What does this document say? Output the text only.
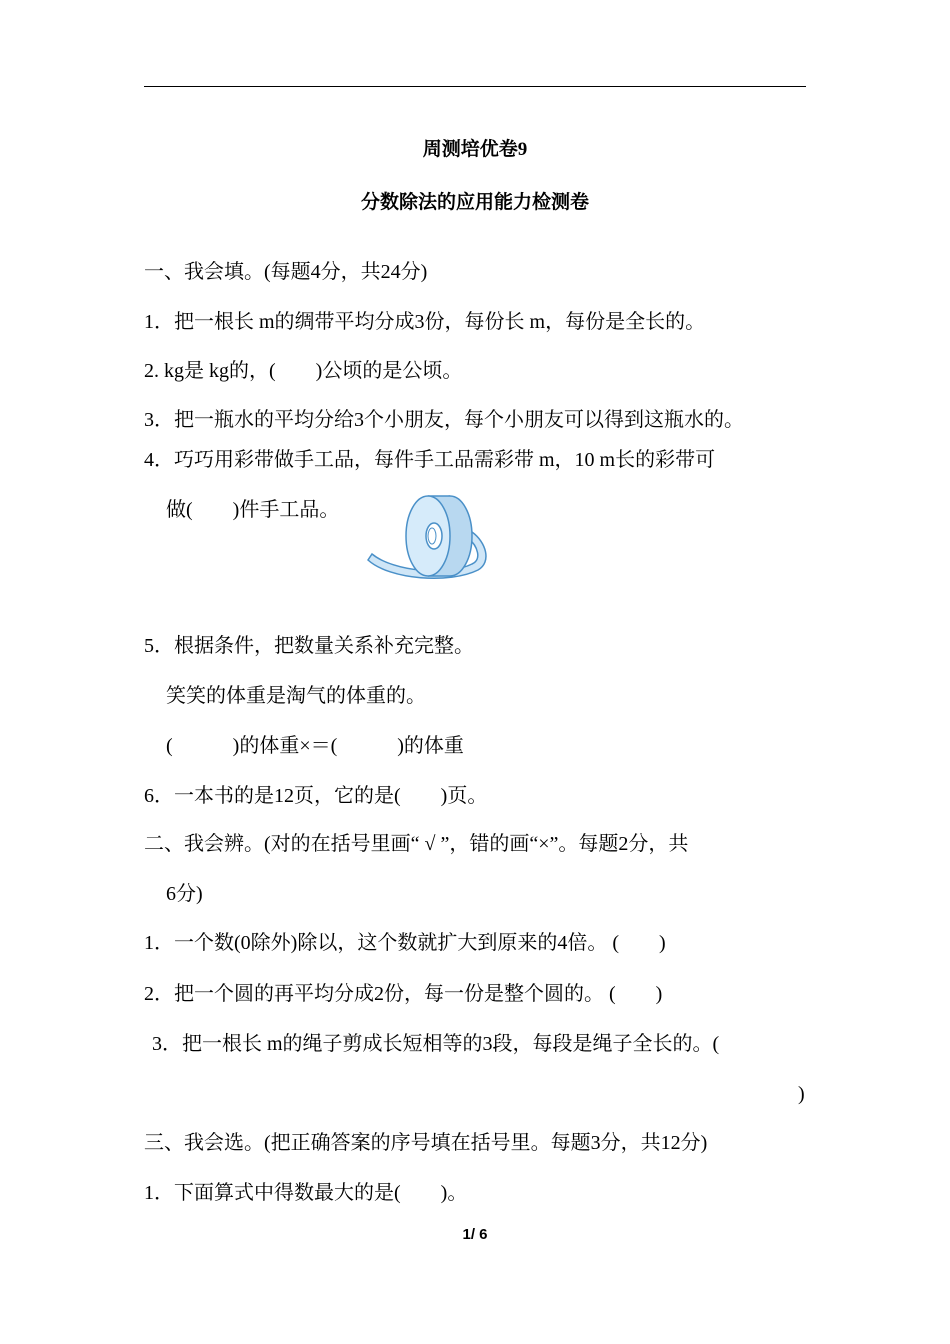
周测培优卷9
分数除法的应用能力检测卷
一、我会填。(每题4分，共24分)
1．把一根长 m的绸带平均分成3份，每份长 m，每份是全长的。
2. kg是 kg的，(　　)公顷的是公顷。
3．把一瓶水的平均分给3个小朋友，每个小朋友可以得到这瓶水的。
4．巧巧用彩带做手工品，每件手工品需彩带 m，10 m长的彩带可
做(　　)件手工品。
5．根据条件，把数量关系补充完整。
笑笑的体重是淘气的体重的。
(　　　)的体重×＝(　　　)的体重
6．一本书的是12页，它的是(　　)页。
二、我会辨。(对的在括号里画“ √ ”，错的画“×”。每题2分，共
6分)
1．一个数(0除外)除以，这个数就扩大到原来的4倍。 (　　)
2．把一个圆的再平均分成2份，每一份是整个圆的。 (　　)
3．把一根长 m的绳子剪成长短相等的3段，每段是绳子全长的。(
)
三、我会选。(把正确答案的序号填在括号里。每题3分，共12分)
1．下面算式中得数最大的是(　　)。
1/ 6
